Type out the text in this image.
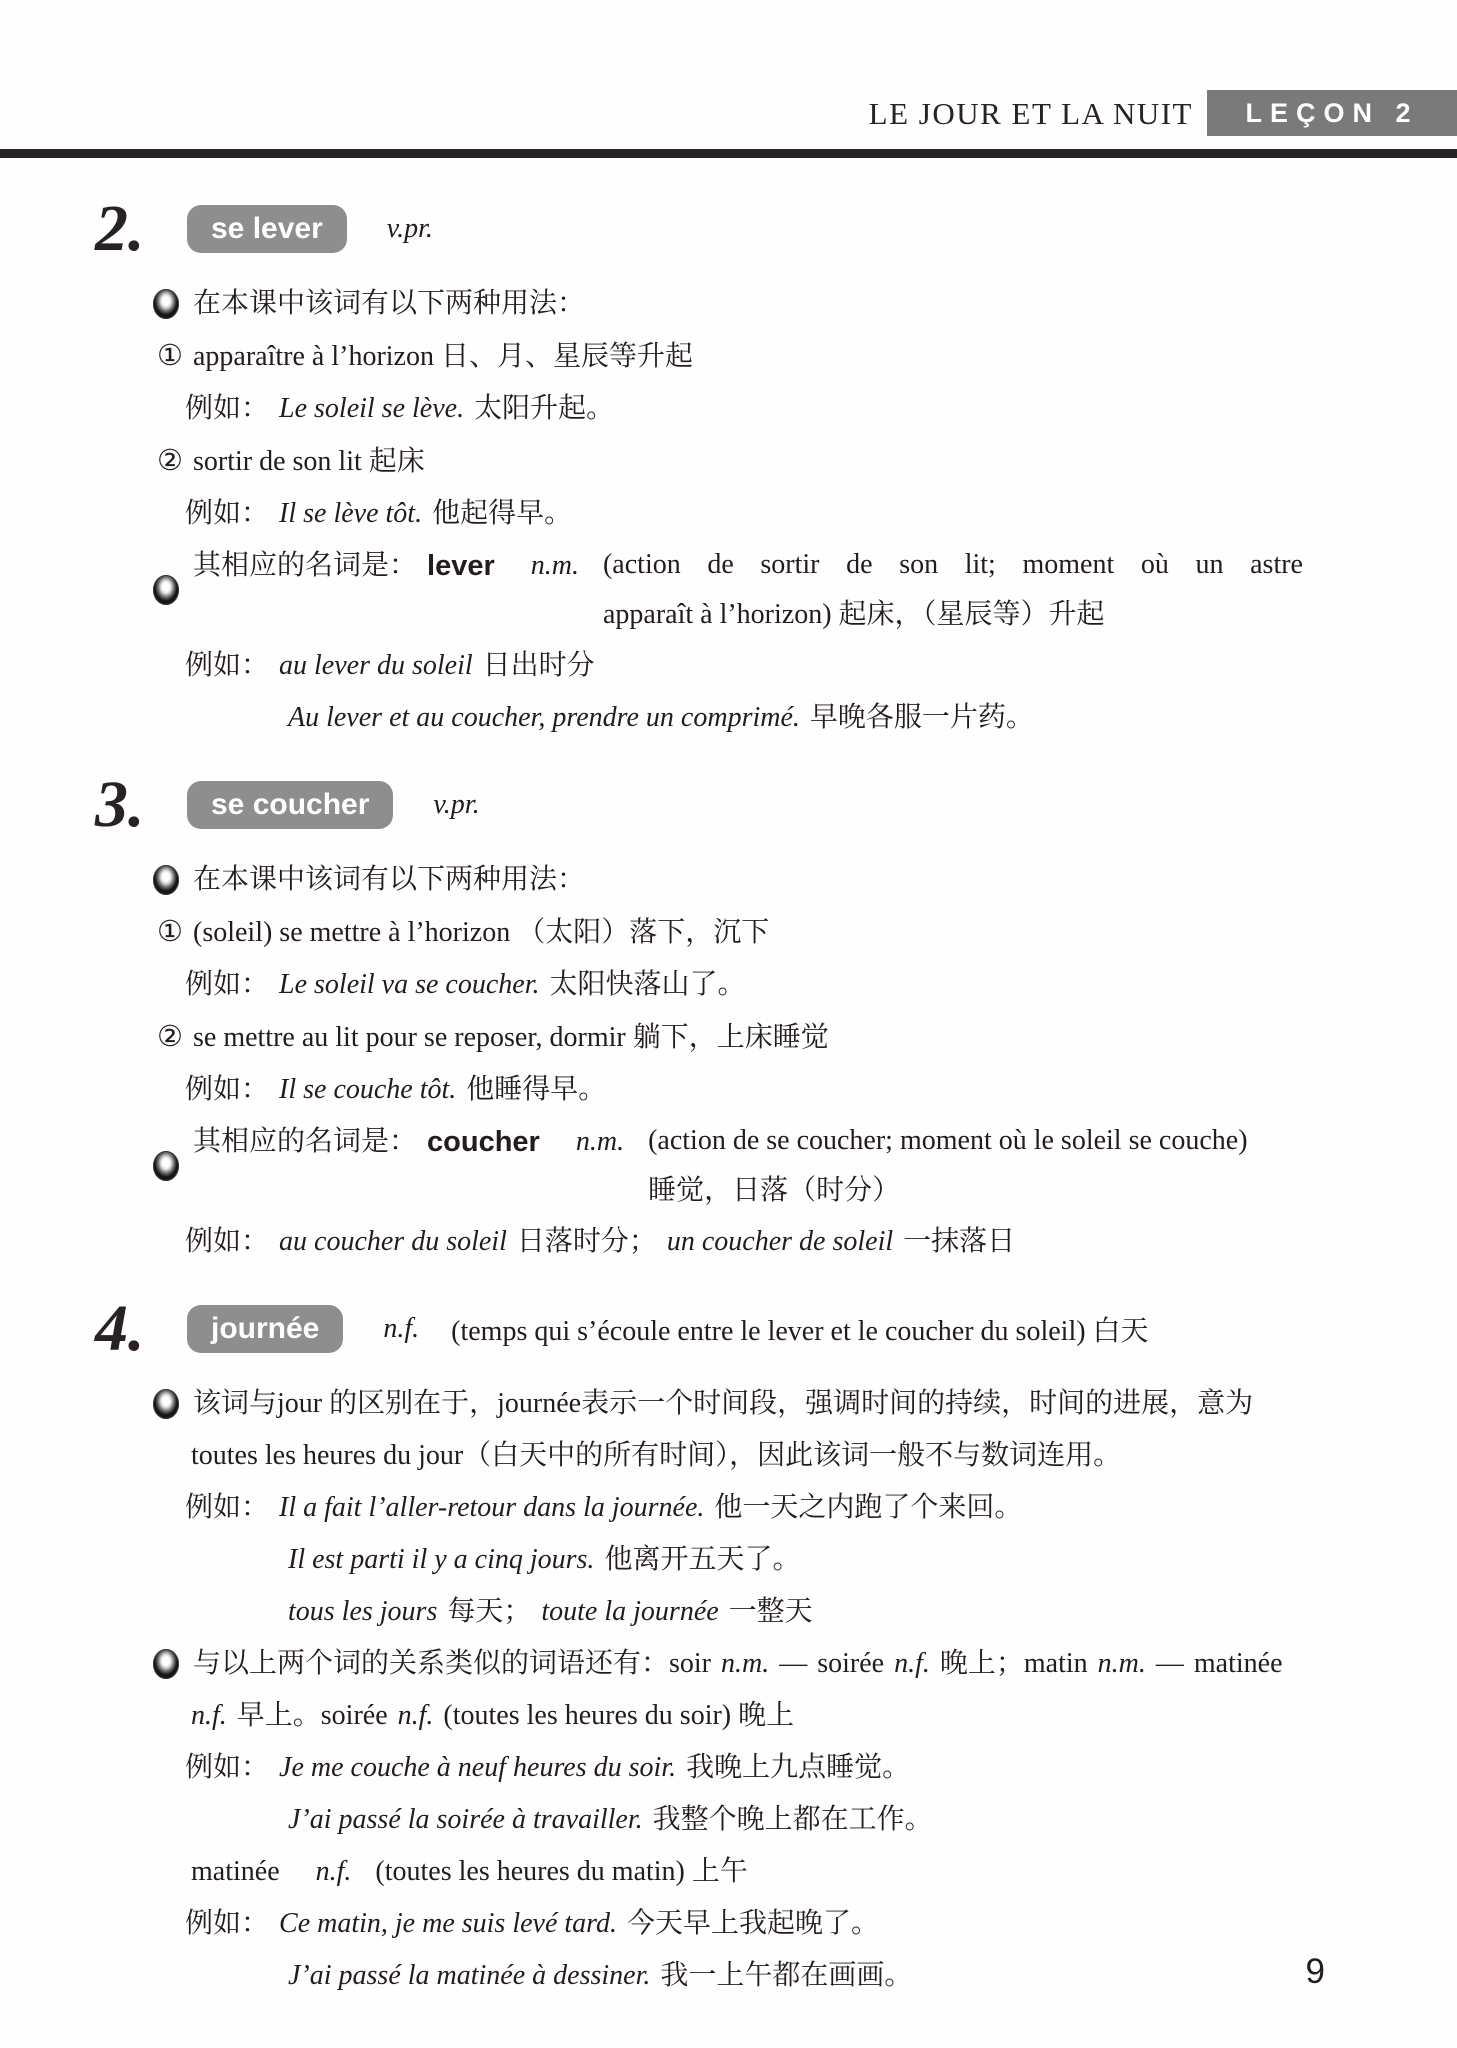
LE JOUR ET LA NUIT LEÇON 2
2.	se lever	v.pr.
在本课中该词有以下两种用法：
① apparaître à l’horizon 日、月、星辰等升起
例如： Le soleil se lève. 太阳升起。
② sortir de son lit 起床
例如： Il se lève tôt. 他起得早。
其相应的名词是： lever n.m. (action de sortir de son lit; moment où un astre
apparaît à l’horizon) 起床，（星辰等）升起
例如： au lever du soleil 日出时分
Au lever et au coucher, prendre un comprimé. 早晚各服一片药。
3.	se coucher	v.pr.
在本课中该词有以下两种用法：
① (soleil) se mettre à l’horizon （太阳）落下，沉下
例如： Le soleil va se coucher. 太阳快落山了。
② se mettre au lit pour se reposer, dormir 躺下，上床睡觉
例如： Il se couche tôt. 他睡得早。
其相应的名词是： coucher n.m. (action de se coucher; moment où le soleil se couche)
睡觉，日落（时分）
例如： au coucher du soleil 日落时分； un coucher de soleil 一抹落日
4.	journée	n.f. (temps qui s’écoule entre le lever et le coucher du soleil) 白天
该词与jour 的区别在于，journée表示一个时间段，强调时间的持续，时间的进展，意为
toutes les heures du jour（白天中的所有时间），因此该词一般不与数词连用。
例如： Il a fait l’aller-retour dans la journée. 他一天之内跑了个来回。
Il est parti il y a cinq jours. 他离开五天了。
tous les jours 每天； toute la journée 一整天
与以上两个词的关系类似的词语还有：soir n.m. — soirée n.f. 晚上；matin n.m. — matinée
n.f. 早上。soirée n.f. (toutes les heures du soir) 晚上
例如： Je me couche à neuf heures du soir. 我晚上九点睡觉。
J’ai passé la soirée à travailler. 我整个晚上都在工作。
matinée n.f. (toutes les heures du matin) 上午
例如： Ce matin, je me suis levé tard. 今天早上我起晚了。
J’ai passé la matinée à dessiner. 我一上午都在画画。	9
